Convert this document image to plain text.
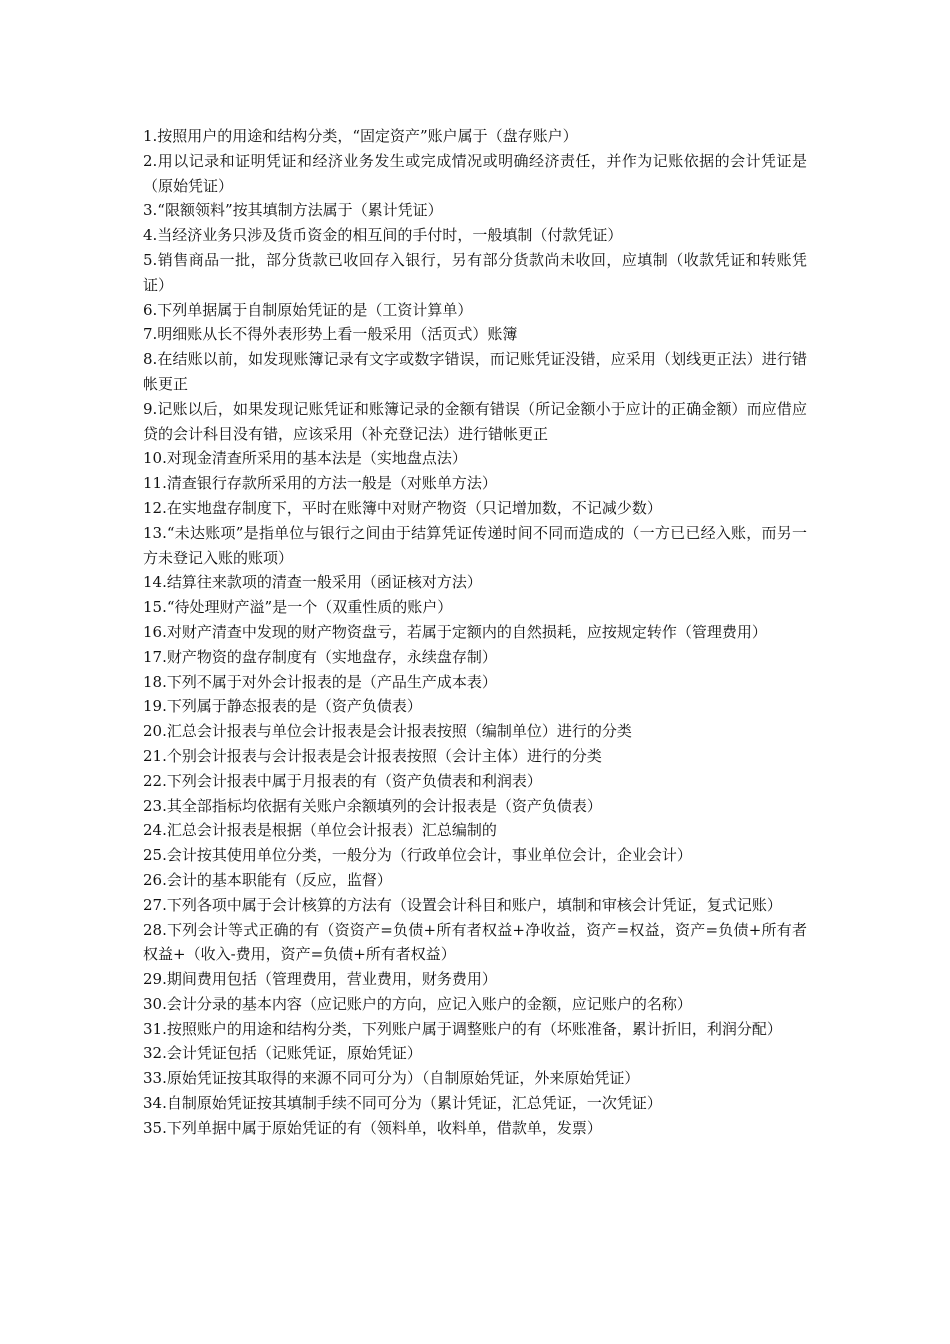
1.按照用户的用途和结构分类，“固定资产”账户属于（盘存账户）

2.用以记录和证明凭证和经济业务发生或完成情况或明确经济责任，并作为记账依据的会计凭证是（原始凭证）

3.“限额领料”按其填制方法属于（累计凭证）

4.当经济业务只涉及货币资金的相互间的手付时，一般填制（付款凭证）

5.销售商品一批，部分货款已收回存入银行，另有部分货款尚未收回，应填制（收款凭证和转账凭证）

6.下列单据属于自制原始凭证的是（工资计算单）

7.明细账从长不得外表形势上看一般采用（活页式）账簿

8.在结账以前，如发现账簿记录有文字或数字错误，而记账凭证没错，应采用（划线更正法）进行错帐更正

9.记账以后，如果发现记账凭证和账簿记录的金额有错误（所记金额小于应计的正确金额）而应借应贷的会计科目没有错，应该采用（补充登记法）进行错帐更正

10.对现金清查所采用的基本法是（实地盘点法）

11.清查银行存款所采用的方法一般是（对账单方法）

12.在实地盘存制度下，平时在账簿中对财产物资（只记增加数，不记减少数）

13.“未达账项”是指单位与银行之间由于结算凭证传递时间不同而造成的（一方已已经入账，而另一方未登记入账的账项）

14.结算往来款项的清查一般采用（函证核对方法）

15.“待处理财产溢”是一个（双重性质的账户）

16.对财产清查中发现的财产物资盘亏，若属于定额内的自然损耗，应按规定转作（管理费用）

17.财产物资的盘存制度有（实地盘存，永续盘存制）

18.下列不属于对外会计报表的是（产品生产成本表）

19.下列属于静态报表的是（资产负债表）

20.汇总会计报表与单位会计报表是会计报表按照（编制单位）进行的分类

21.个别会计报表与会计报表是会计报表按照（会计主体）进行的分类

22.下列会计报表中属于月报表的有（资产负债表和利润表）

23.其全部指标均依据有关账户余额填列的会计报表是（资产负债表）

24.汇总会计报表是根据（单位会计报表）汇总编制的

25.会计按其使用单位分类，一般分为（行政单位会计，事业单位会计，企业会计）

26.会计的基本职能有（反应，监督）

27.下列各项中属于会计核算的方法有（设置会计科目和账户，填制和审核会计凭证，复式记账）

28.下列会计等式正确的有（资资产=负债+所有者权益+净收益，资产=权益，资产=负债+所有者权益+（收入-费用，资产=负债+所有者权益）

29.期间费用包括（管理费用，营业费用，财务费用）

30.会计分录的基本内容（应记账户的方向，应记入账户的金额，应记账户的名称）

31.按照账户的用途和结构分类，下列账户属于调整账户的有（坏账准备，累计折旧，利润分配）

32.会计凭证包括（记账凭证，原始凭证）

33.原始凭证按其取得的来源不同可分为）（自制原始凭证，外来原始凭证）

34.自制原始凭证按其填制手续不同可分为（累计凭证，汇总凭证，一次凭证）

35.下列单据中属于原始凭证的有（领料单，收料单，借款单，发票）
